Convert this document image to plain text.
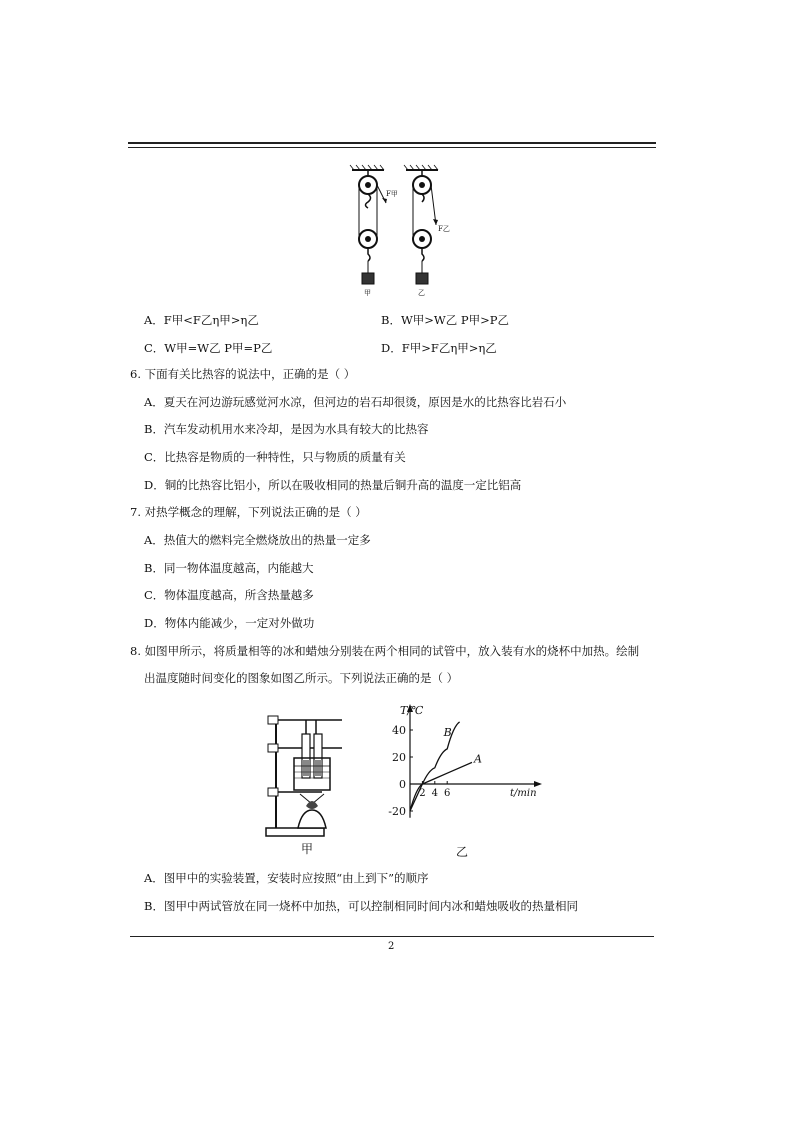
F甲
甲
F乙
乙
A．F甲<F乙η甲>η乙	B．W甲>W乙 P甲>P乙
C．W甲=W乙 P甲=P乙	D．F甲>F乙η甲>η乙
6. 下面有关比热容的说法中，正确的是（ ）
A．夏天在河边游玩感觉河水凉，但河边的岩石却很烫，原因是水的比热容比岩石小
B．汽车发动机用水来冷却，是因为水具有较大的比热容
C．比热容是物质的一种特性，只与物质的质量有关
D．铜的比热容比铝小，所以在吸收相同的热量后铜升高的温度一定比铝高
7. 对热学概念的理解，下列说法正确的是（ ）
A．热值大的燃料完全燃烧放出的热量一定多
B．同一物体温度越高，内能越大
C．物体温度越高，所含热量越多
D．物体内能减少，一定对外做功
8. 如图甲所示，将质量相等的冰和蜡烛分别装在两个相同的试管中，放入装有水的烧杯中加热。绘制
出温度随时间变化的图象如图乙所示。下列说法正确的是（ ）
甲
40
20
0
-20
2 4 6
T/℃
t/min
乙
A
B
A．图甲中的实验装置，安装时应按照“由上到下”的顺序
B．图甲中两试管放在同一烧杯中加热，可以控制相同时间内冰和蜡烛吸收的热量相同
2
